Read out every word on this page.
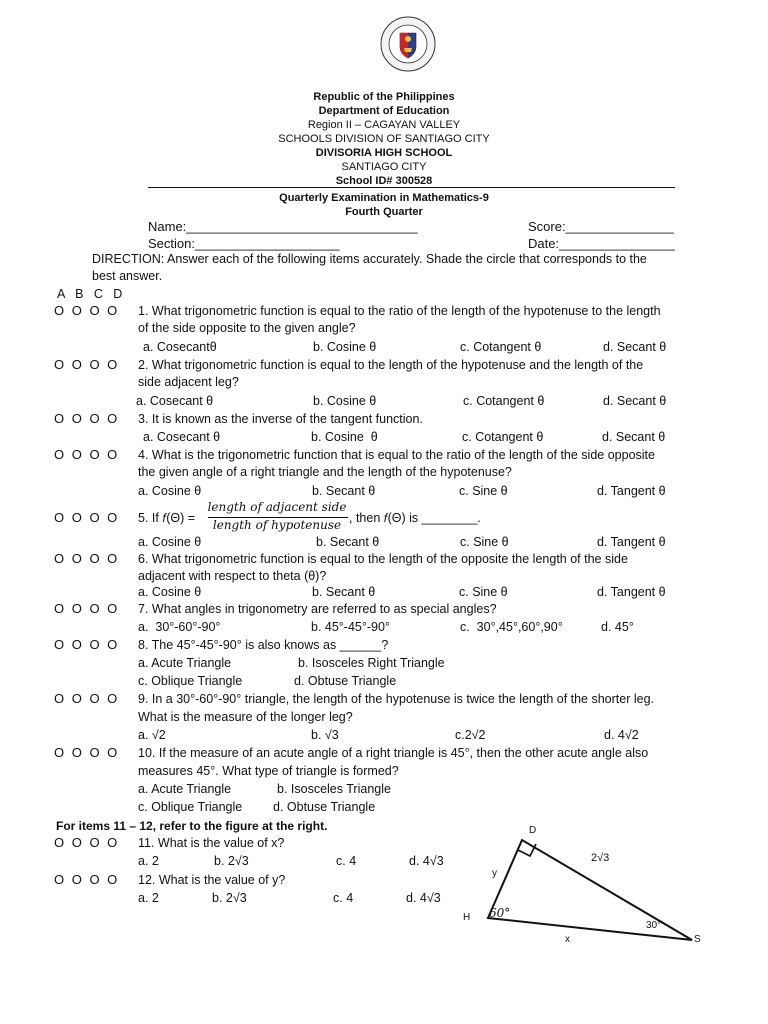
Republic of the Philippines
Department of Education
Region II – CAGAYAN VALLEY
SCHOOLS DIVISION OF SANTIAGO CITY
DIVISORIA HIGH SCHOOL
SANTIAGO CITY
School ID# 300528
Quarterly Examination in Mathematics-9
Fourth Quarter
Name:________________________________	Score:_______________
Section:____________________	Date:________________
DIRECTION: Answer each of the following items accurately. Shade the circle that corresponds to the
best answer.
A   B   C   D
O O O O 1. What trigonometric function is equal to the ratio of the length of the hypotenuse to the length
of the side opposite to the given angle?
a. Cosecantθ	b. Cosine θ	c. Cotangent θ	d. Secant θ
O O O O 2. What trigonometric function is equal to the length of the hypotenuse and the length of the
side adjacent leg?
a. Cosecant θ	b. Cosine θ	c. Cotangent θ	d. Secant θ
O O O O 3. It is known as the inverse of the tangent function.
a. Cosecant θ	b. Cosine  θ	c. Cotangent θ	d. Secant θ
O O O O 4. What is the trigonometric function that is equal to the ratio of the length of the side opposite
the given angle of a right triangle and the length of the hypotenuse?
a. Cosine θ	b. Secant θ	c. Sine θ	d. Tangent θ
O O O O 5. If 𝑓(Θ) =
length of adjacent side
length of hypotenuse , then 𝑓(Θ) is ________.
a. Cosine θ	b. Secant θ	c. Sine θ	d. Tangent θ
O O O O 6. What trigonometric function is equal to the length of the opposite the length of the side
adjacent with respect to theta (θ)?
a. Cosine θ	b. Secant θ	c. Sine θ	d. Tangent θ
O O O O 7. What angles in trigonometry are referred to as special angles?
a.  30°-60°-90°	b. 45°-45°-90°	c.  30°,45°,60°,90°	d. 45°
O O O O 8. The 45°-45°-90° is also knows as ______?
a. Acute Triangle	b. Isosceles Right Triangle
c. Oblique Triangle	d. Obtuse Triangle
O O O O 9. In a 30°-60°-90° triangle, the length of the hypotenuse is twice the length of the shorter leg.
What is the measure of the longer leg?
a. √2	b. √3	c.2√2	d. 4√2
O O O O 10. If the measure of an acute angle of a right triangle is 45°, then the other acute angle also
measures 45°. What type of triangle is formed?
a. Acute Triangle	b. Isosceles Triangle
c. Oblique Triangle d. Obtuse Triangle
For items 11 – 12, refer to the figure at the right.
O O O O 11. What is the value of x?
a. 2	b. 2√3	c. 4	d. 4√3
O O O O 12. What is the value of y?
a. 2	b. 2√3	c. 4	d. 4√3
D
H
S
2√3
y
x
60°
30°
